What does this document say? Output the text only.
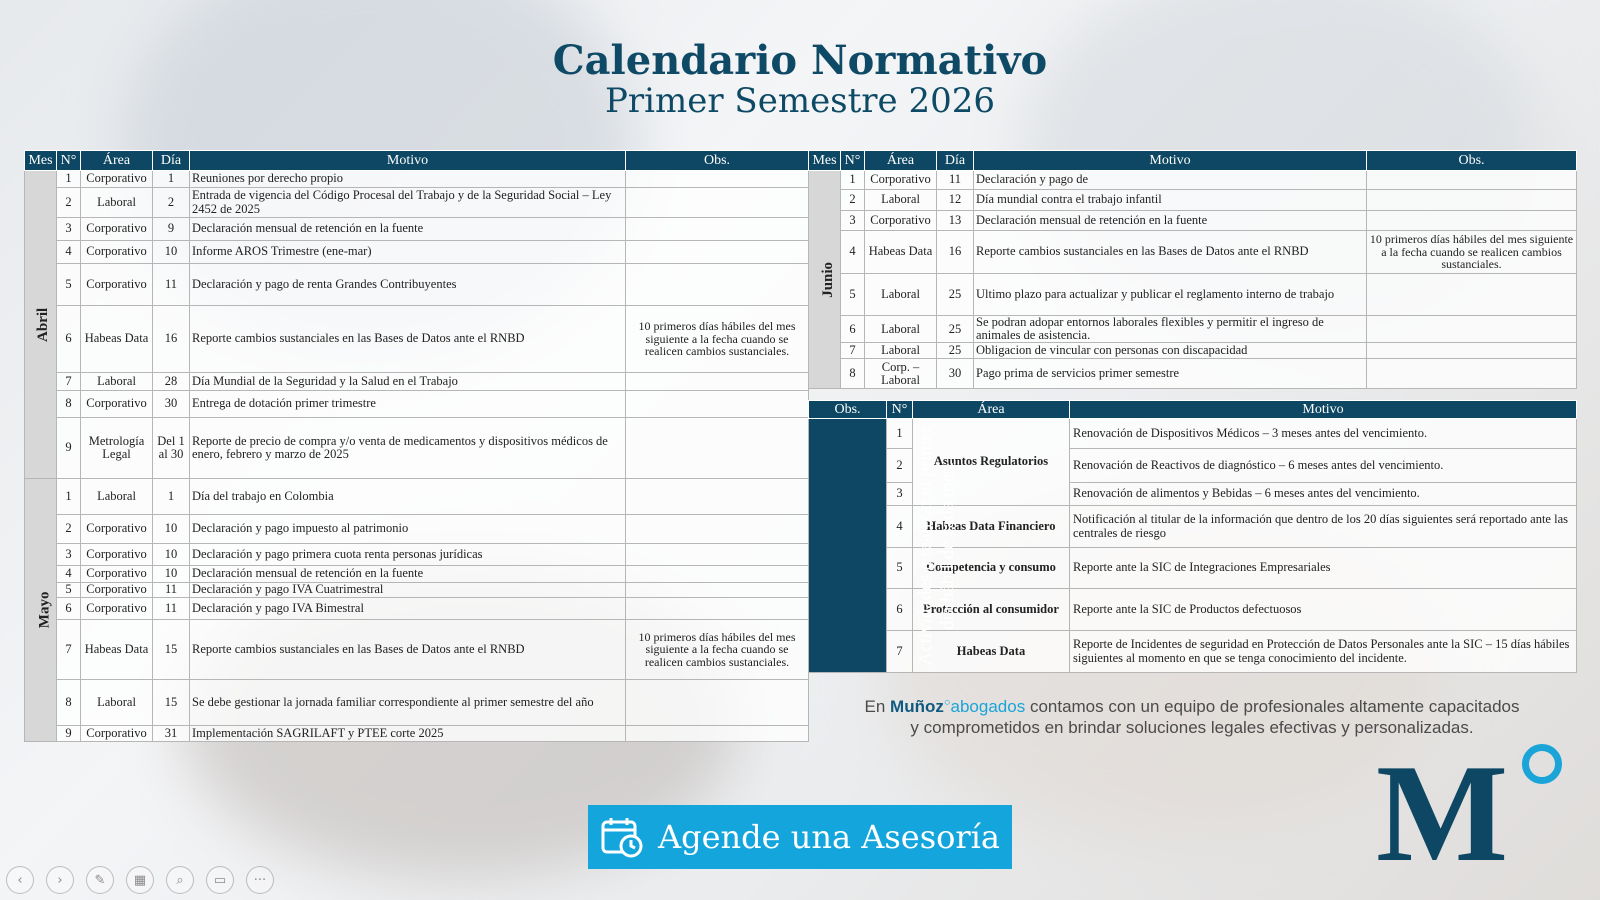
Calendario Normativo
Primer Semestre 2026
Mes	N°	Área	Día	Motivo	Obs.
Abril	1	Corporativo	1	Reuniones por derecho propio	
	2	Laboral	2	Entrada de vigencia del Código Procesal del Trabajo y de la Seguridad Social – Ley 2452 de 2025	
	3	Corporativo	9	Declaración mensual de retención en la fuente	
	4	Corporativo	10	Informe AROS Trimestre (ene-mar)	
	5	Corporativo	11	Declaración y pago de renta Grandes Contribuyentes	
	6	Habeas Data	16	Reporte cambios sustanciales en las Bases de Datos ante el RNBD	10 primeros días hábiles del mes siguiente a la fecha cuando se realicen cambios sustanciales.
	7	Laboral	28	Día Mundial de la Seguridad y la Salud en el Trabajo	
	8	Corporativo	30	Entrega de dotación primer trimestre	
	9	Metrología Legal	Del 1 al 30	Reporte de precio de compra y/o venta de medicamentos y dispositivos médicos de enero, febrero y marzo de 2025	
Mayo	1	Laboral	1	Día del trabajo en Colombia	
	2	Corporativo	10	Declaración y pago impuesto al patrimonio	
	3	Corporativo	10	Declaración y pago primera cuota renta personas jurídicas	
	4	Corporativo	10	Declaración mensual de retención en la fuente	
	5	Corporativo	11	Declaración y pago IVA Cuatrimestral	
	6	Corporativo	11	Declaración y pago IVA Bimestral	
	7	Habeas Data	15	Reporte cambios sustanciales en las Bases de Datos ante el RNBD	10 primeros días hábiles del mes siguiente a la fecha cuando se realicen cambios sustanciales.
	8	Laboral	15	Se debe gestionar la jornada familiar correspondiente al primer semestre del año	
	9	Corporativo	31	Implementación SAGRILAFT y PTEE corte 2025	
Mes	N°	Área	Día	Motivo	Obs.
Junio	1	Corporativo	11	Declaración y pago de	
	2	Laboral	12	Día mundial contra el trabajo infantil	
	3	Corporativo	13	Declaración mensual de retención en la fuente	
	4	Habeas Data	16	Reporte cambios sustanciales en las Bases de Datos ante el RNBD	10 primeros días hábiles del mes siguiente a la fecha cuando se realicen cambios sustanciales.
	5	Laboral	25	Ultimo plazo para actualizar y publicar el reglamento interno de trabajo	
	6	Laboral	25	Se podran adopar entornos laborales flexibles y permitir el ingreso de animales de asistencia.	
	7	Laboral	25	Obligacion de vincular con personas con discapacidad	
	8	Corp. – Laboral	30	Pago prima de servicios primer semestre	
Obs.	N°	Área	Motivo
Actividades a realizar el primer día hábil de cada mes.	1	Asuntos Regulatorios	Renovación de Dispositivos Médicos – 3 meses antes del vencimiento.
	2		Renovación de Reactivos de diagnóstico – 6 meses antes del vencimiento.
	3		Renovación de alimentos y Bebidas – 6 meses antes del vencimiento.
	4	Habeas Data Financiero	Notificación al titular de la información que dentro de los 20 días siguientes será reportado ante las centrales de riesgo
	5	Competencia y consumo	Reporte ante la SIC de Integraciones Empresariales
	6	Protección al consumidor	Reporte ante la SIC de Productos defectuosos
	7	Habeas Data	Reporte de Incidentes de seguridad en Protección de Datos Personales ante la SIC – 15 días hábiles siguientes al momento en que se tenga conocimiento del incidente.
En Muñoz○abogados contamos con un equipo de profesionales altamente capacitados
y comprometidos en brindar soluciones legales efectivas y personalizadas.
Agende una Asesoría	M
‹	›	✎	▦	⌕	▭	···
